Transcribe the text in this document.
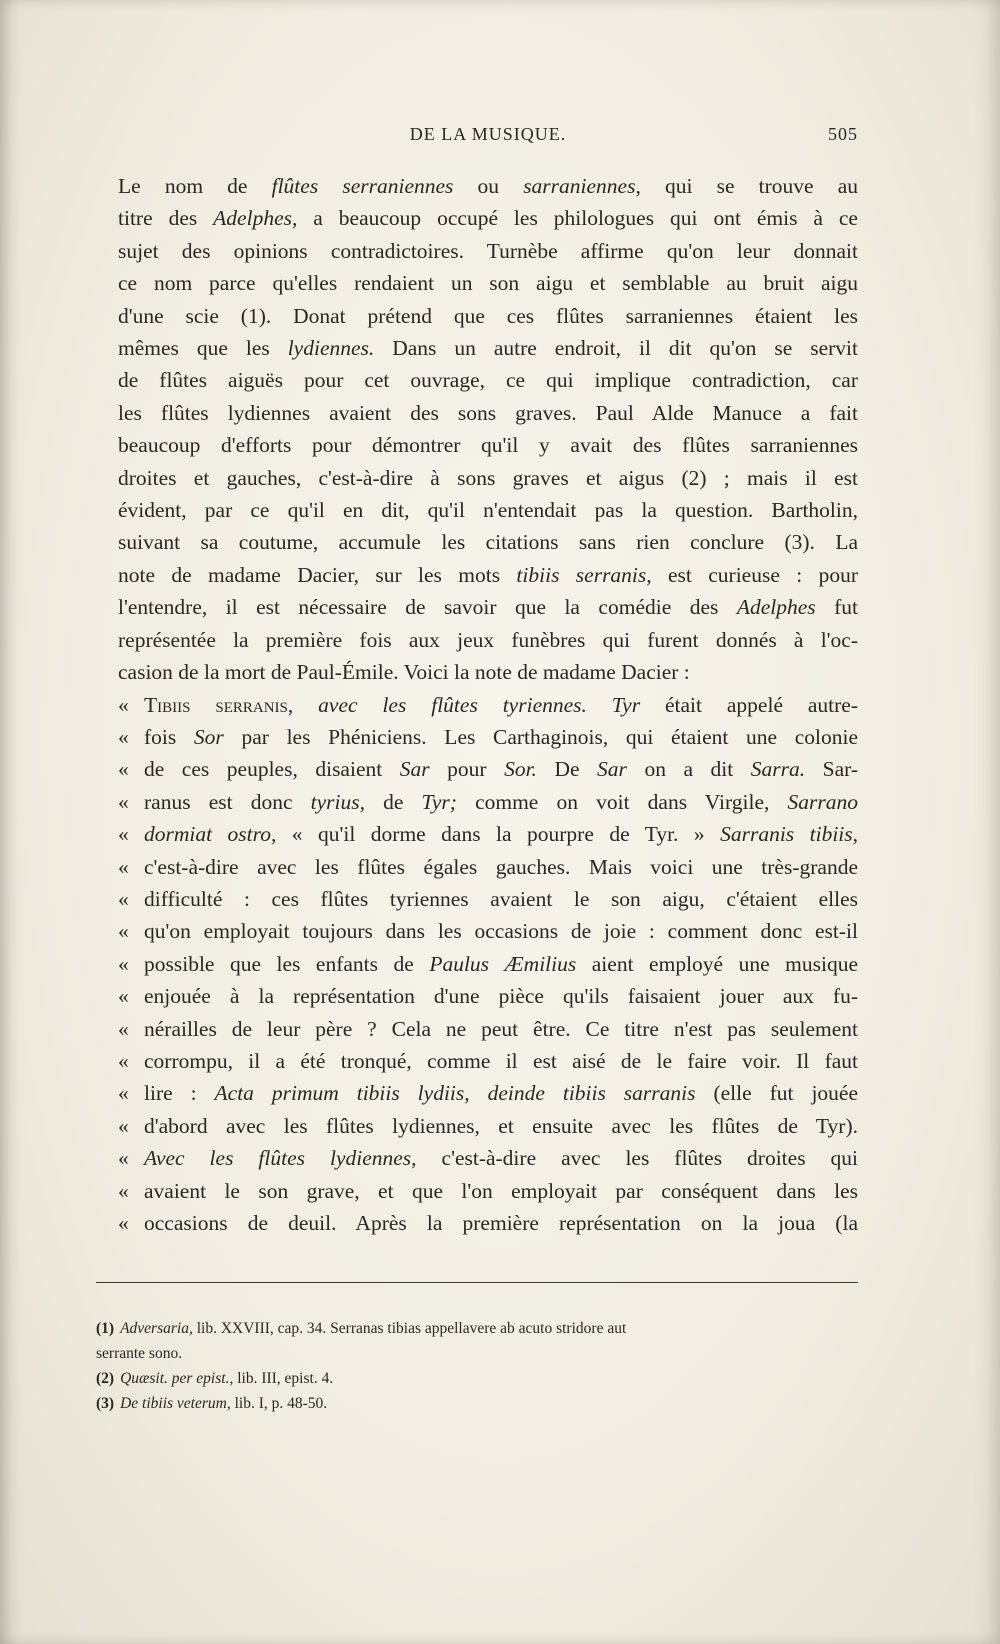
DE LA MUSIQUE.	505
Le nom de flûtes serraniennes ou sarraniennes, qui se trouve au
titre des Adelphes, a beaucoup occupé les philologues qui ont émis à ce
sujet des opinions contradictoires. Turnèbe affirme qu'on leur donnait
ce nom parce qu'elles rendaient un son aigu et semblable au bruit aigu
d'une scie (1). Donat prétend que ces flûtes sarraniennes étaient les
mêmes que les lydiennes. Dans un autre endroit, il dit qu'on se servit
de flûtes aiguës pour cet ouvrage, ce qui implique contradiction, car
les flûtes lydiennes avaient des sons graves. Paul Alde Manuce a fait
beaucoup d'efforts pour démontrer qu'il y avait des flûtes sarraniennes
droites et gauches, c'est-à-dire à sons graves et aigus (2) ; mais il est
évident, par ce qu'il en dit, qu'il n'entendait pas la question. Bartholin,
suivant sa coutume, accumule les citations sans rien conclure (3). La
note de madame Dacier, sur les mots tibiis serranis, est curieuse : pour
l'entendre, il est nécessaire de savoir que la comédie des Adelphes fut
représentée la première fois aux jeux funèbres qui furent donnés à l'oc-
casion de la mort de Paul-Émile. Voici la note de madame Dacier :
« Tibiis serranis, avec les flûtes tyriennes. Tyr était appelé autre-
« fois Sor par les Phéniciens. Les Carthaginois, qui étaient une colonie
« de ces peuples, disaient Sar pour Sor. De Sar on a dit Sarra. Sar-
« ranus est donc tyrius, de Tyr; comme on voit dans Virgile, Sarrano
« dormiat ostro, « qu'il dorme dans la pourpre de Tyr. » Sarranis tibiis,
« c'est-à-dire avec les flûtes égales gauches. Mais voici une très-grande
« difficulté : ces flûtes tyriennes avaient le son aigu, c'étaient elles
« qu'on employait toujours dans les occasions de joie : comment donc est-il
« possible que les enfants de Paulus Æmilius aient employé une musique
« enjouée à la représentation d'une pièce qu'ils faisaient jouer aux fu-
« nérailles de leur père ? Cela ne peut être. Ce titre n'est pas seulement
« corrompu, il a été tronqué, comme il est aisé de le faire voir. Il faut
« lire : Acta primum tibiis lydiis, deinde tibiis sarranis (elle fut jouée
« d'abord avec les flûtes lydiennes, et ensuite avec les flûtes de Tyr).
« Avec les flûtes lydiennes, c'est-à-dire avec les flûtes droites qui
« avaient le son grave, et que l'on employait par conséquent dans les
« occasions de deuil. Après la première représentation on la joua (la
(1) Adversaria, lib. XXVIII, cap. 34. Serranas tibias appellavere ab acuto stridore aut
serrante sono.
(2) Quæsit. per epist., lib. III, epist. 4.
(3) De tibiis veterum, lib. I, p. 48-50.
